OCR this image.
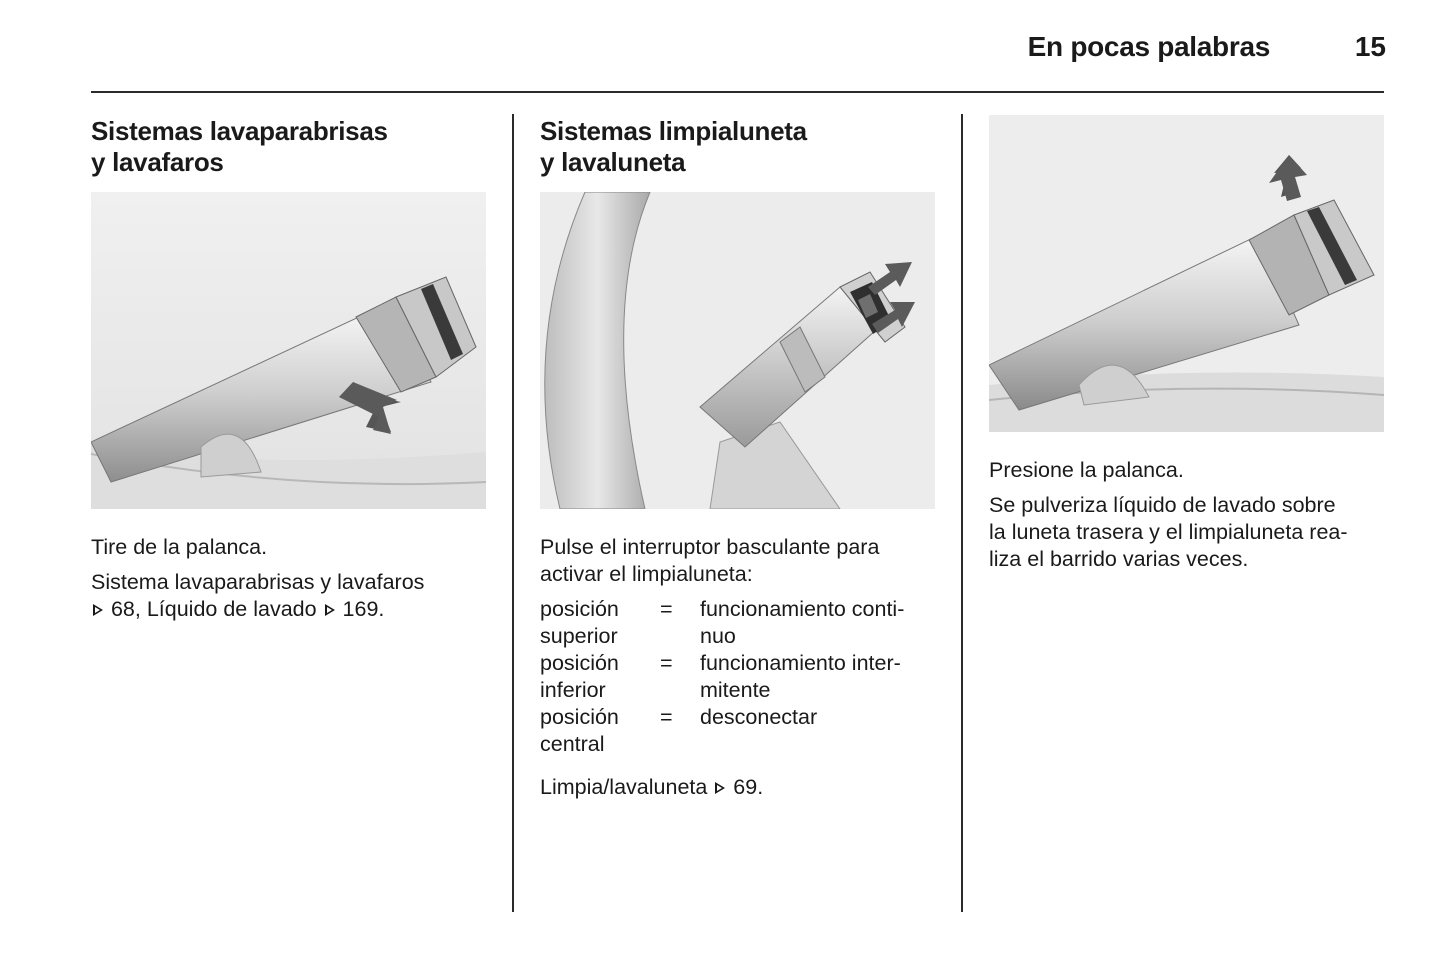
En pocas palabras	15
Sistemas lavaparabrisas
y lavafaros
Tire de la palanca.
Sistema lavaparabrisas y lavafaros
68, Líquido de lavado
169.
Sistemas limpialuneta
y lavaluneta
Pulse el interruptor basculante para
activar el limpialuneta:
posición
superior
=	funcionamiento conti-
nuo
posición
inferior
=	funcionamiento inter-
mitente
posición
central
=	desconectar
Limpia/lavaluneta
69.
Presione la palanca.
Se pulveriza líquido de lavado sobre
la luneta trasera y el limpialuneta rea-
liza el barrido varias veces.
